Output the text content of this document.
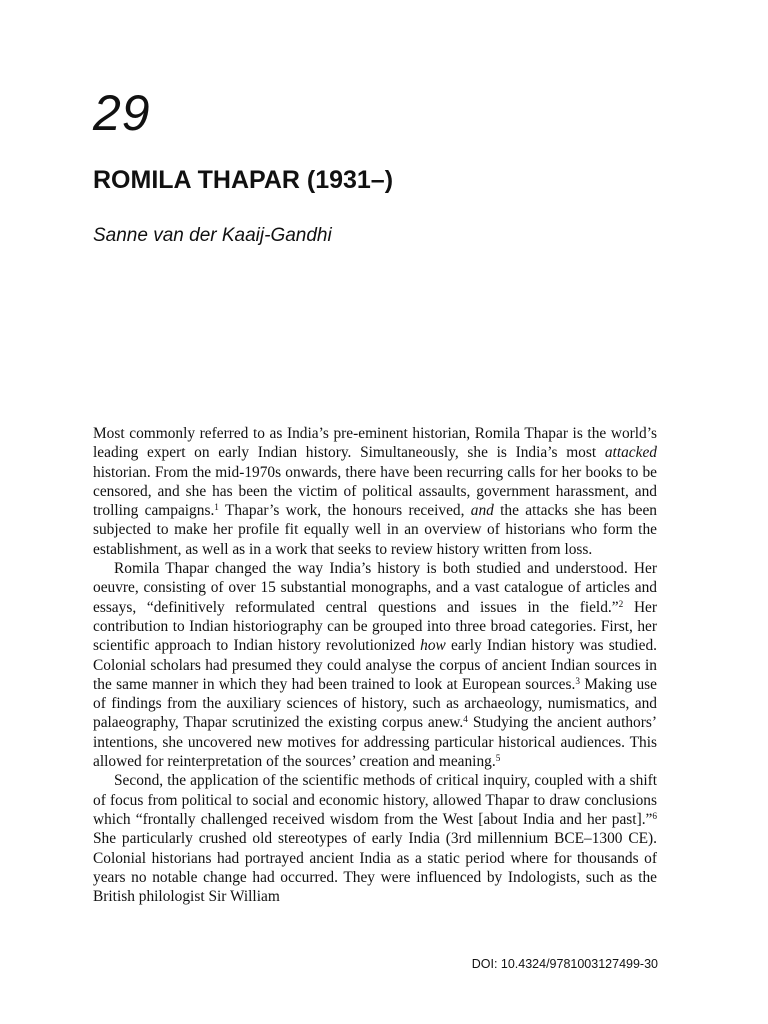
29
ROMILA THAPAR (1931–)
Sanne van der Kaaij-Gandhi

Most commonly referred to as India’s pre-eminent historian, Romila Thapar is the world’s leading expert on early Indian history. Simultaneously, she is India’s most attacked historian. From the mid-1970s onwards, there have been recurring calls for her books to be censored, and she has been the victim of political assaults, government harassment, and trolling campaigns.$^1$ Thapar’s work, the honours received, and the attacks she has been subjected to make her profile fit equally well in an overview of historians who form the establishment, as well as in a work that seeks to review history written from loss.

Romila Thapar changed the way India’s history is both studied and understood. Her oeuvre, consisting of over 15 substantial monographs, and a vast catalogue of articles and essays, “definitively reformulated central questions and issues in the field.”$^2$ Her contribution to Indian historiography can be grouped into three broad categories. First, her scientific approach to Indian history revolutionized how early Indian history was studied. Colonial scholars had presumed they could analyse the corpus of ancient Indian sources in the same manner in which they had been trained to look at European sources.$^3$ Making use of findings from the auxiliary sciences of history, such as archaeology, numismatics, and palaeography, Thapar scrutinized the existing corpus anew.$^4$ Studying the ancient authors’ intentions, she uncovered new motives for addressing particular historical audiences. This allowed for reinterpretation of the sources’ creation and meaning.$^5$

Second, the application of the scientific methods of critical inquiry, coupled with a shift of focus from political to social and economic history, allowed Thapar to draw conclusions which “frontally challenged received wisdom from the West [about India and her past].”$^6$ She particularly crushed old stereotypes of early India (3rd millennium BCE–1300 CE). Colonial historians had portrayed ancient India as a static period where for thousands of years no notable change had occurred. They were influenced by Indologists, such as the British philologist Sir William

DOI: 10.4324/9781003127499-30
